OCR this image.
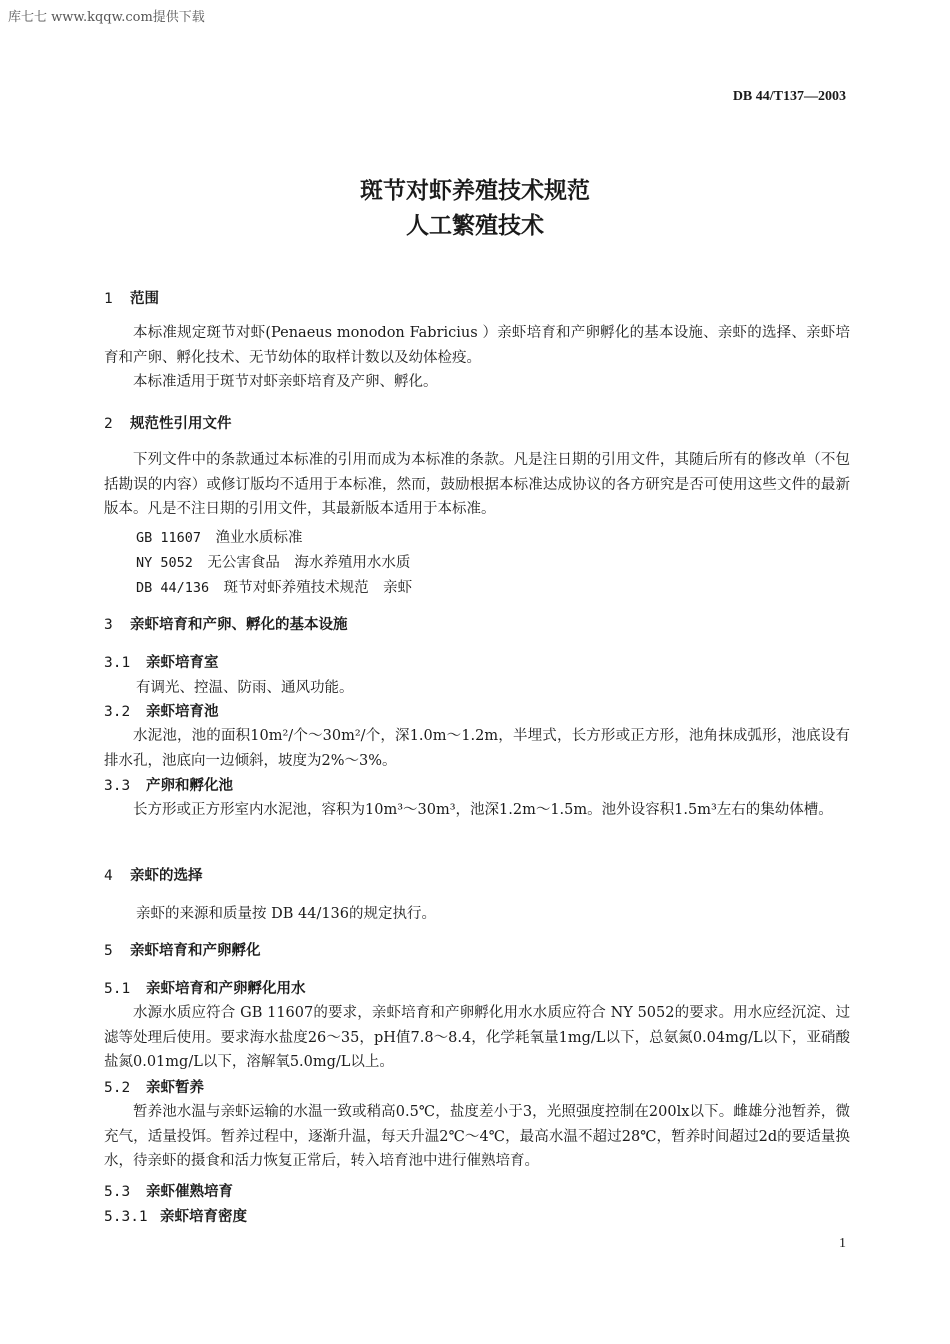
库七七 www.kqqw.com提供下载
DB 44/T137—2003
斑节对虾养殖技术规范
人工繁殖技术
1 范围

本标准规定斑节对虾(Penaeus monodon Fabricius ）亲虾培育和产卵孵化的基本设施、亲虾的选择、亲虾培育和产卵、孵化技术、无节幼体的取样计数以及幼体检疫。

本标准适用于斑节对虾亲虾培育及产卵、孵化。

2 规范性引用文件

下列文件中的条款通过本标准的引用而成为本标准的条款。凡是注日期的引用文件，其随后所有的修改单（不包括勘误的内容）或修订版均不适用于本标准，然而，鼓励根据本标准达成协议的各方研究是否可使用这些文件的最新版本。凡是不注日期的引用文件，其最新版本适用于本标准。

GB 11607　 渔业水质标准
NY 5052　 无公害食品　海水养殖用水水质
DB 44/136　 斑节对虾养殖技术规范　亲虾
3 亲虾培育和产卵、孵化的基本设施
3.1 亲虾培育室
有调光、控温、防雨、通风功能。
3.2 亲虾培育池

水泥池，池的面积10m²/个～30m²/个，深1.0m～1.2m，半埋式，长方形或正方形，池角抹成弧形，池底设有排水孔，池底向一边倾斜，坡度为2%～3%。

3.3 产卵和孵化池

长方形或正方形室内水泥池，容积为10m³～30m³，池深1.2m～1.5m。池外设容积1.5m³左右的集幼体槽。

4 亲虾的选择
亲虾的来源和质量按 DB 44/136的规定执行。
5 亲虾培育和产卵孵化
5.1 亲虾培育和产卵孵化用水

水源水质应符合 GB 11607的要求，亲虾培育和产卵孵化用水水质应符合 NY 5052的要求。用水应经沉淀、过滤等处理后使用。要求海水盐度26～35，pH值7.8～8.4，化学耗氧量1mg/L以下，总氨氮0.04mg/L以下，亚硝酸盐氮0.01mg/L以下，溶解氧5.0mg/L以上。

5.2 亲虾暂养

暂养池水温与亲虾运输的水温一致或稍高0.5℃，盐度差小于3，光照强度控制在200lx以下。雌雄分池暂养，微充气，适量投饵。暂养过程中，逐渐升温，每天升温2℃～4℃，最高水温不超过28℃，暂养时间超过2d的要适量换水，待亲虾的摄食和活力恢复正常后，转入培育池中进行催熟培育。

5.3 亲虾催熟培育
5.3.1 亲虾培育密度
1
